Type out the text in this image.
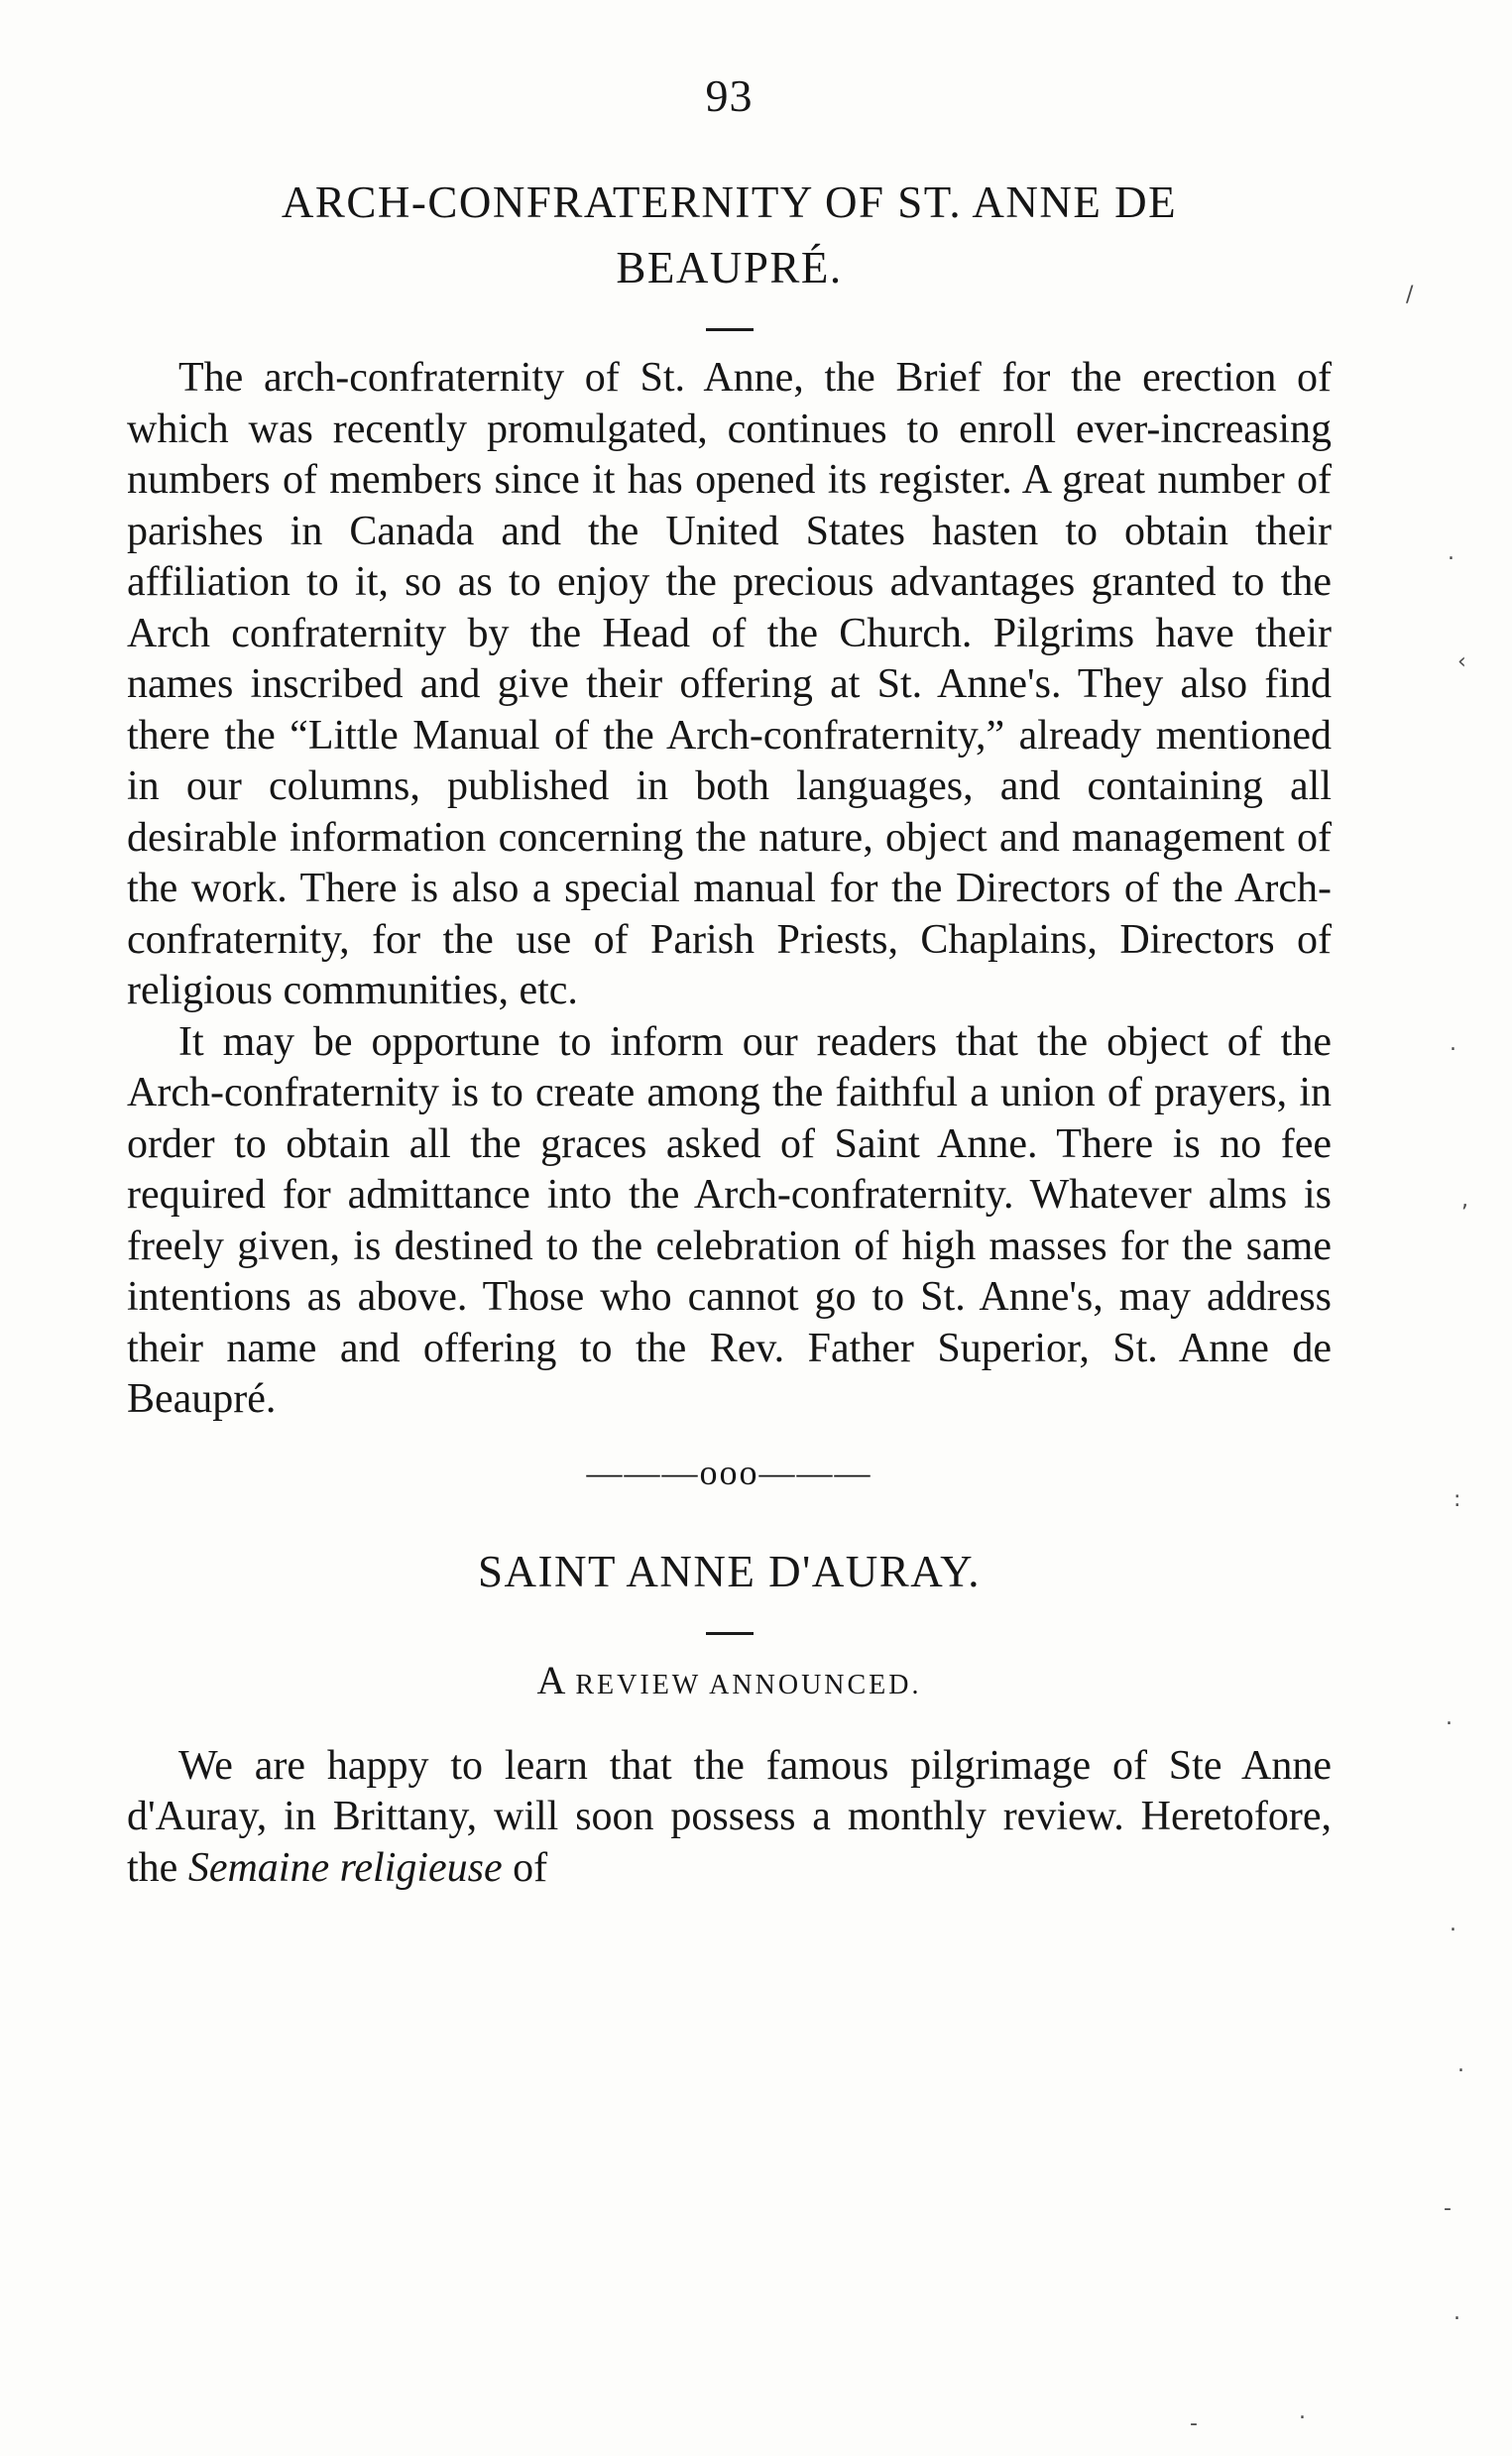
93
ARCH-CONFRATERNITY OF ST. ANNE DE
BEAUPRÉ.

The arch-confraternity of St. Anne, the Brief for the erection of which was recently promulgated, continues to enroll ever-increasing numbers of members since it has opened its register. A great number of parishes in Canada and the United States hasten to obtain their affiliation to it, so as to enjoy the precious advantages granted to the Arch confraternity by the Head of the Church. Pilgrims have their names inscribed and give their offering at St. Anne's. They also find there the “Little Manual of the Arch-confraternity,” already mentioned in our columns, published in both languages, and containing all desirable information concerning the nature, object and management of the work. There is also a special manual for the Directors of the Arch-confraternity, for the use of Parish Priests, Chaplains, Directors of religious communities, etc.

It may be opportune to inform our readers that the object of the Arch-confraternity is to create among the faithful a union of prayers, in order to obtain all the graces asked of Saint Anne. There is no fee required for admittance into the Arch-confraternity. Whatever alms is freely given, is destined to the celebration of high masses for the same intentions as above. Those who cannot go to St. Anne's, may address their name and offering to the Rev. Father Superior, St. Anne de Beaupré.

———ooo———
SAINT ANNE D'AURAY.
A REVIEW ANNOUNCED.

We are happy to learn that the famous pilgrimage of Ste Anne d'Auray, in Brittany, will soon possess a monthly review. Heretofore, the Semaine religieuse of

/
.
‹
.
,
:
.
.
.
-
.
-	.
